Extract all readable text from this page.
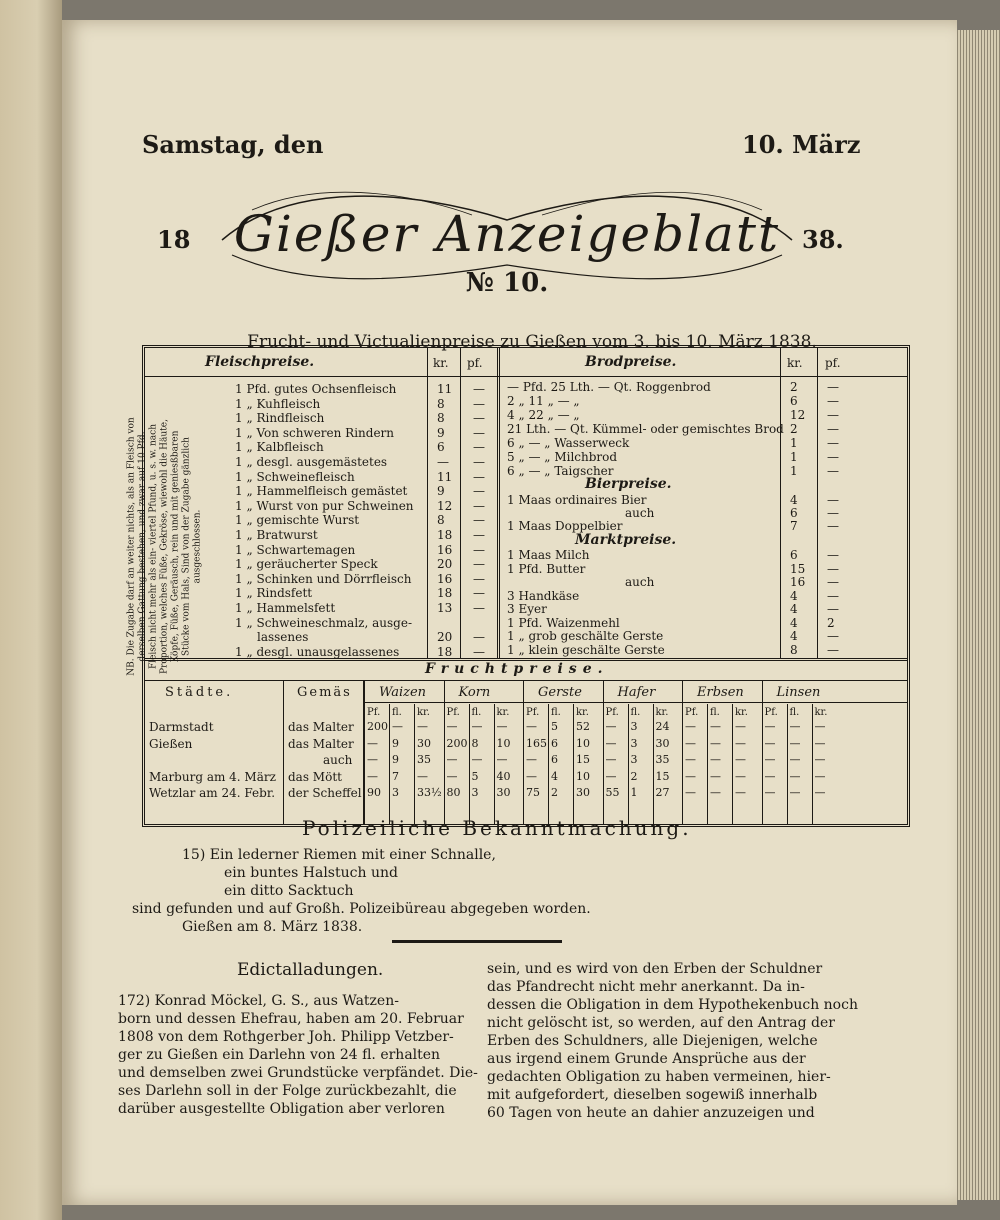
Samstag, den	10. März
18	38.
Gießer Anzeigeblatt
№ 10.
Frucht- und Victualienpreise zu Gießen vom 3. bis 10. März 1838.
Fleischpreise.	kr. pf.
NB. Die Zugabe darf an weiter nichts, als an Fleisch von derselben Gattung bestehen, und zwar auf 10 Pfd. Fleisch nicht mehr als ein- viertel Pfund, u. s. w. nach Proportion, welches Füße, Gekröse, wiewohl die Häute, Köpfe, Füße, Geräusch, rein und mit geniesßbaren Stücke vom Hals, Sind von der Zugabe gänzlich ausgeschlossen.
1 Pfd. gutes Ochsenfleisch	11 —
1 „ Kuhfleisch	8 —
1 „ Rindfleisch	8 —
1 „ Von schweren Rindern	9 —
1 „ Kalbfleisch	6 —
1 „ desgl. ausgemästetes	— —
1 „ Schweinefleisch	11 —
1 „ Hammelfleisch gemästet 9 —
1 „ Wurst von pur Schweinen 12 —
1 „ gemischte Wurst	8 —
1 „ Bratwurst	18 —
1 „ Schwartemagen	16 —
1 „ geräucherter Speck	20 —
1 „ Schinken und Dörrfleisch 16 —
1 „ Rindsfett	18 —
1 „ Hammelsfett	13 —
1 „ Schweineschmalz, ausge-
lassenes	20 —
1 „ desgl. unausgelassenes	18 —
Brodpreise.	kr. pf.
— Pfd. 25 Lth. — Qt. Roggenbrod	2 —
2 „ 11 „ — „	6 —
4 „ 22 „ — „	12 —
21 Lth. — Qt. Kümmel- oder gemischtes Brod 2 —
6 „ — „ Wasserweck	1 —
5 „ — „ Milchbrod	1 —
6 „ — „ Taigscher	1 —
1 Maas ordinaires Bier	4 —
auch	6 —
1 Maas Doppelbier	7 —
1 Maas Milch	6 —
1 Pfd. Butter	15 —
auch	16 —
3 Handkäse	4 —
3 Eyer	4 —
1 Pfd. Waizenmehl	4 2
1 „ grob geschälte Gerste	4 —
1 „ klein geschälte Gerste	8 —
Bierpreise.
Marktpreise.
Fruchtpreise.
Städte.	Gemäs Waizen
Pf. fl. kr.
Korn
Pf. fl. kr.
Gerste
Pf. fl. kr.
Hafer
Pf. fl. kr.
Erbsen
Pf. fl. kr.
Linsen
Pf. fl. kr.
Darmstadt	das Malter 200 — — — — — — 5 52 — 3 24 — — — — — —
Gießen	das Malter — 9 30 200 8 10 165 6 10 — 3 30 — — — — — —
auch — 9 35 — — — — 6 15 — 3 35 — — — — — —
Marburg am 4. März das Mött — 7 — — 5 40 — 4 10 — 2 15 — — — — — —
Wetzlar am 24. Febr. der Scheffel 90 3 33½ 80 3 30 75 2 30 55 1 27 — — — — — —
Polizeiliche Bekanntmachung.
15) Ein lederner Riemen mit einer Schnalle,
ein buntes Halstuch und
ein ditto Sacktuch
sind gefunden und auf Großh. Polizeibüreau abgegeben worden.
Gießen am 8. März 1838.
Edictalladungen.
172) Konrad Möckel, G. S., aus Watzen-
born und dessen Ehefrau, haben am 20. Februar
1808 von dem Rothgerber Joh. Philipp Vetzber-
ger zu Gießen ein Darlehn von 24 fl. erhalten
und demselben zwei Grundstücke verpfändet. Die-
ses Darlehn soll in der Folge zurückbezahlt, die
darüber ausgestellte Obligation aber verloren
sein, und es wird von den Erben der Schuldner
das Pfandrecht nicht mehr anerkannt. Da in-
dessen die Obligation in dem Hypothekenbuch noch
nicht gelöscht ist, so werden, auf den Antrag der
Erben des Schuldners, alle Diejenigen, welche
aus irgend einem Grunde Ansprüche aus der
gedachten Obligation zu haben vermeinen, hier-
mit aufgefordert, dieselben sogewiß innerhalb
60 Tagen von heute an dahier anzuzeigen und
